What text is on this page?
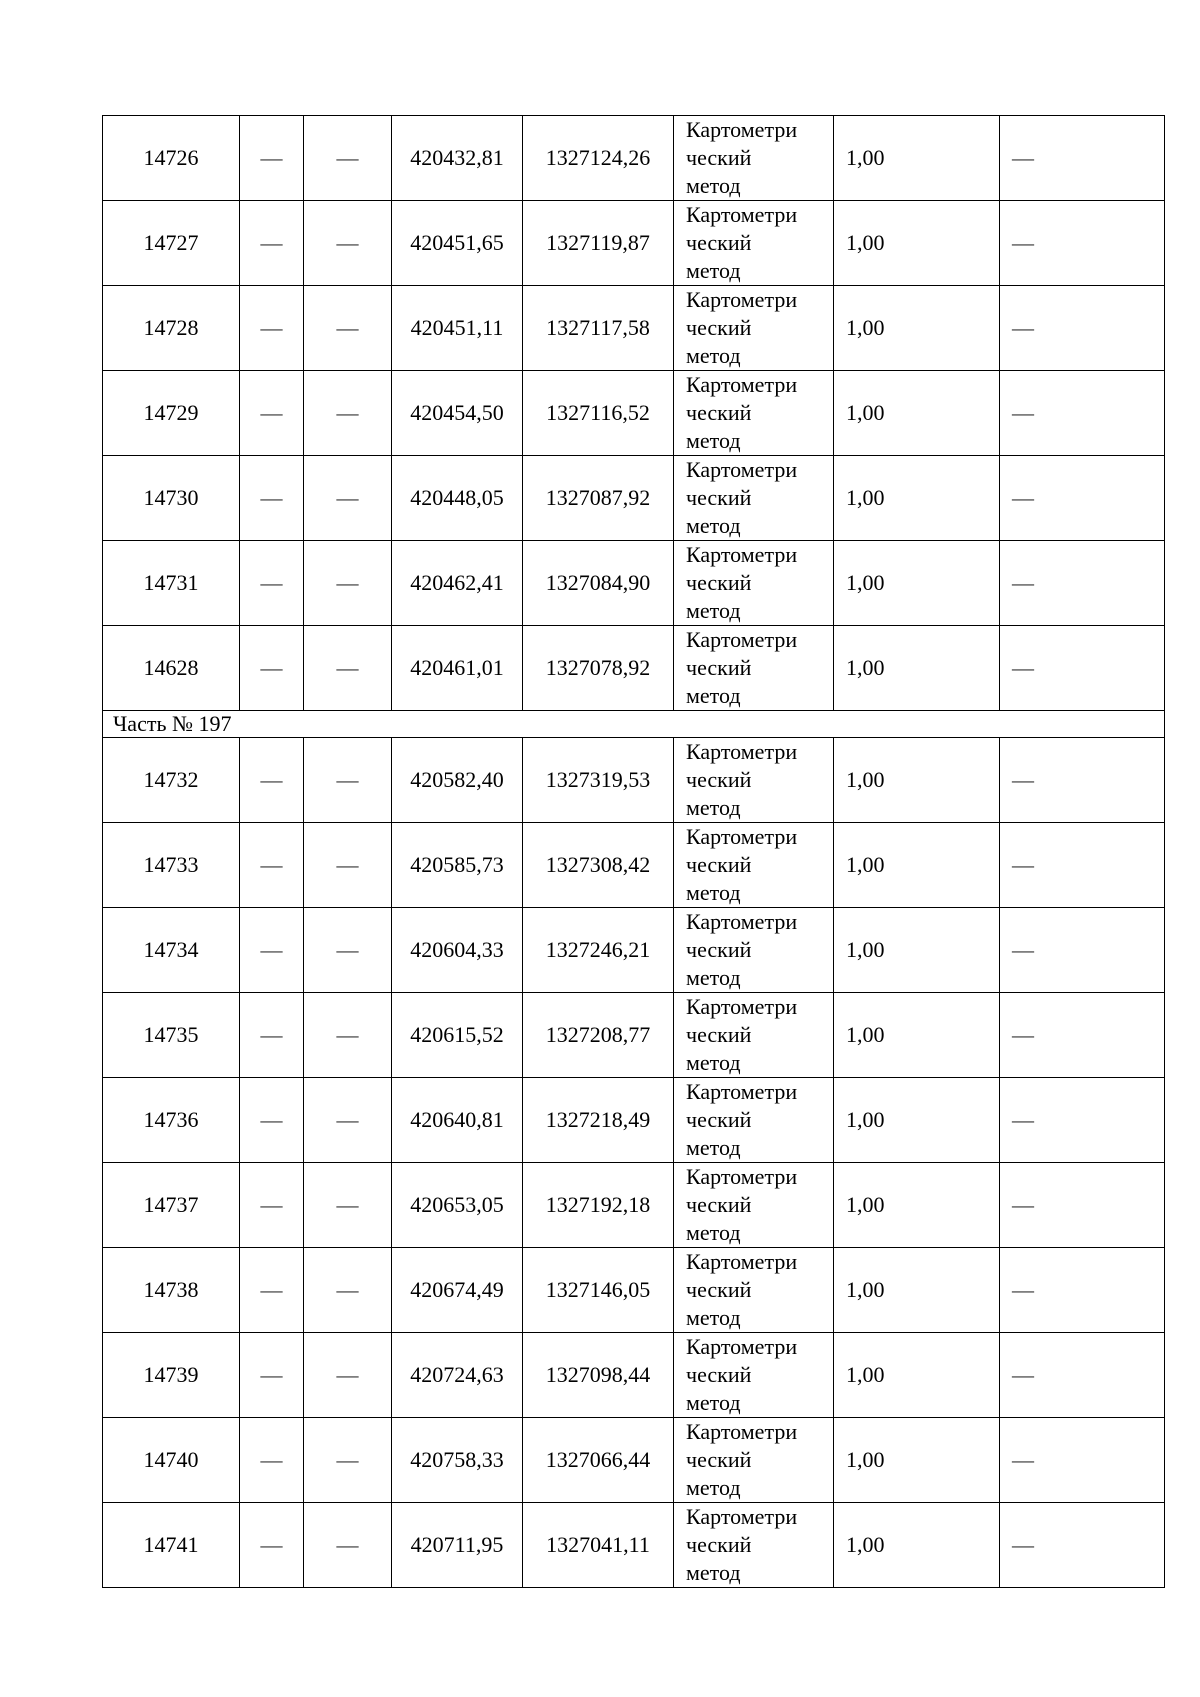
14726	—	—	420432,81	1327124,26	Картометри
ческий
метод	1,00	—
14727	—	—	420451,65	1327119,87	Картометри
ческий
метод	1,00	—
14728	—	—	420451,11	1327117,58	Картометри
ческий
метод	1,00	—
14729	—	—	420454,50	1327116,52	Картометри
ческий
метод	1,00	—
14730	—	—	420448,05	1327087,92	Картометри
ческий
метод	1,00	—
14731	—	—	420462,41	1327084,90	Картометри
ческий
метод	1,00	—
14628	—	—	420461,01	1327078,92	Картометри
ческий
метод	1,00	—
Часть № 197							
14732	—	—	420582,40	1327319,53	Картометри
ческий
метод	1,00	—
14733	—	—	420585,73	1327308,42	Картометри
ческий
метод	1,00	—
14734	—	—	420604,33	1327246,21	Картометри
ческий
метод	1,00	—
14735	—	—	420615,52	1327208,77	Картометри
ческий
метод	1,00	—
14736	—	—	420640,81	1327218,49	Картометри
ческий
метод	1,00	—
14737	—	—	420653,05	1327192,18	Картометри
ческий
метод	1,00	—
14738	—	—	420674,49	1327146,05	Картометри
ческий
метод	1,00	—
14739	—	—	420724,63	1327098,44	Картометри
ческий
метод	1,00	—
14740	—	—	420758,33	1327066,44	Картометри
ческий
метод	1,00	—
14741	—	—	420711,95	1327041,11	Картометри
ческий
метод	1,00	—
